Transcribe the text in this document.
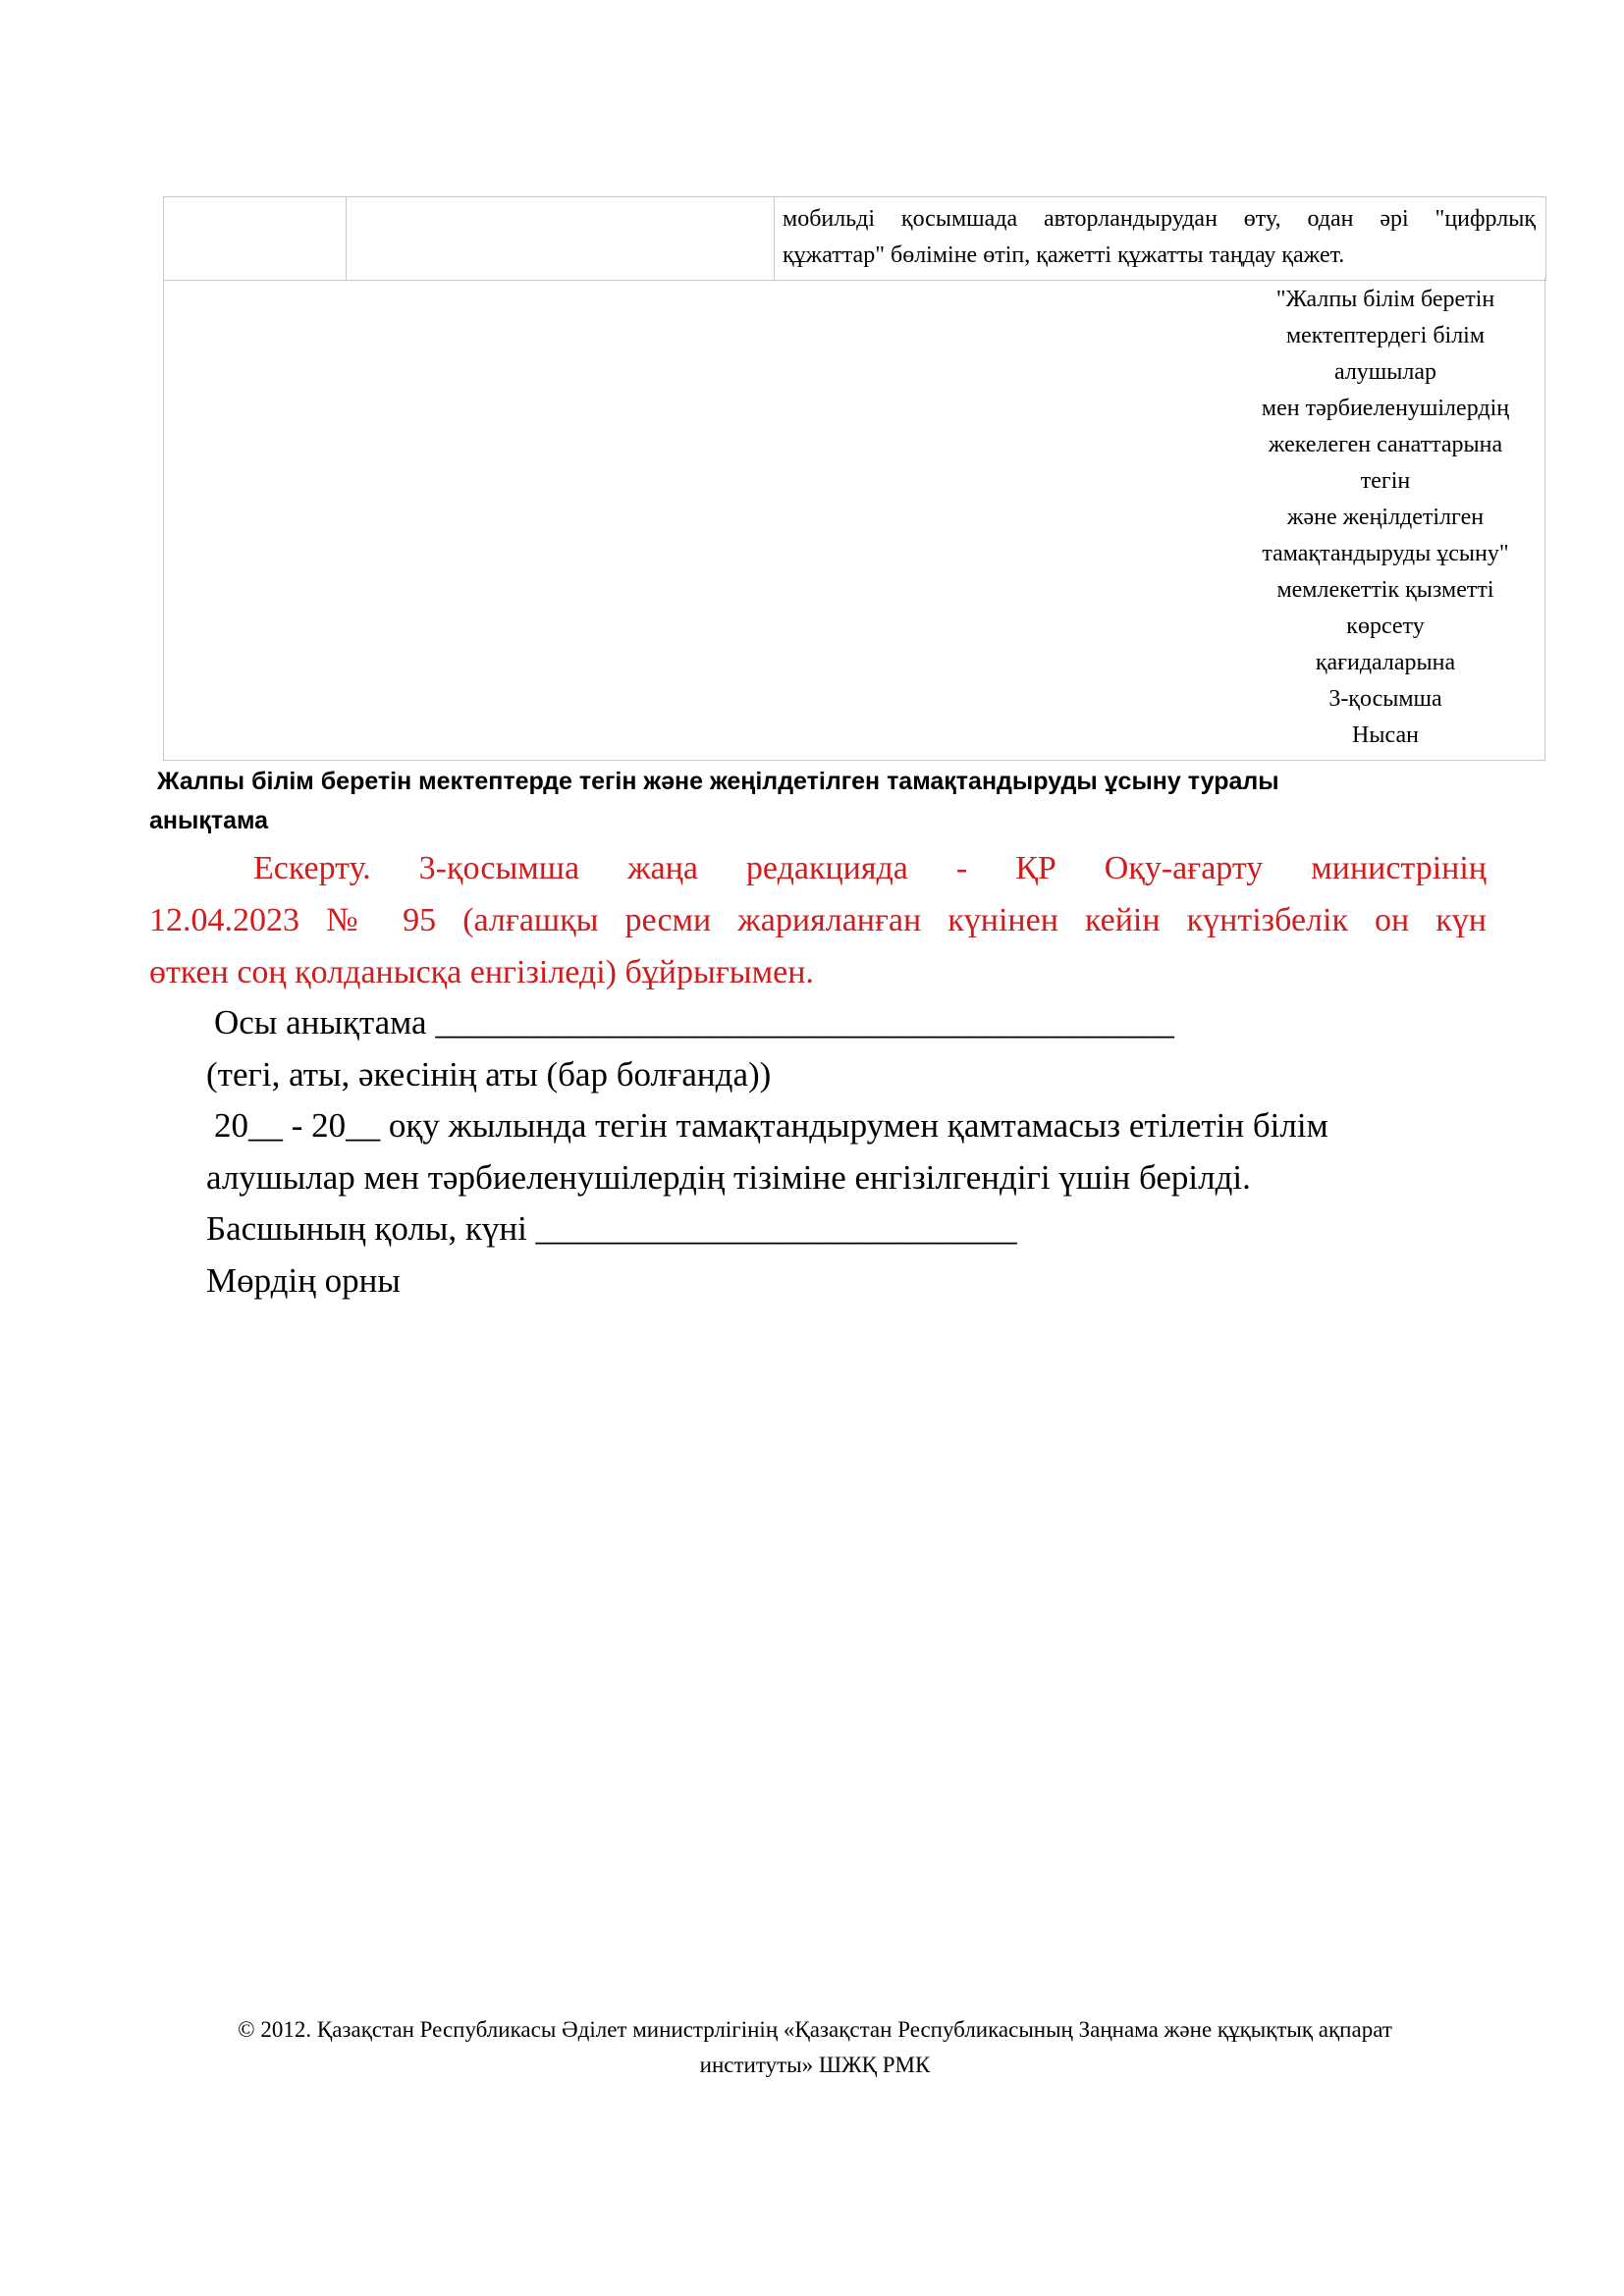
мобильді қосымшада авторландырудан өту, одан әрі "цифрлық
құжаттар" бөліміне өтіп, қажетті құжатты таңдау қажет.
"Жалпы білім беретін
мектептердегі білім
алушылар
мен тәрбиеленушілердің
жекелеген санаттарына
тегін
және жеңілдетілген
тамақтандыруды ұсыну"
мемлекеттік қызметті
көрсету
қағидаларына
3-қосымша
Нысан
Жалпы білім беретін мектептерде тегін және жеңілдетілген тамақтандыруды ұсыну туралы
анықтама
Ескерту. 3-қосымша жаңа редакцияда - ҚР Оқу-ағарту министрінің
12.04.2023 № 95 (алғашқы ресми жарияланған күнінен кейін күнтізбелік он күн
өткен соң қолданысқа енгізіледі) бұйрығымен.
Осы анықтама ___________________________________________
(тегі, аты, әкесінің аты (бар болғанда))
20__ - 20__ оқу жылында тегін тамақтандырумен қамтамасыз етілетін білім
алушылар мен тәрбиеленушілердің тізіміне енгізілгендігі үшін берілді.
Басшының қолы, күні ____________________________
Мөрдің орны
© 2012. Қазақстан Республикасы Әділет министрлігінің «Қазақстан Республикасының Заңнама және құқықтық ақпарат
институты» ШЖҚ РМК
